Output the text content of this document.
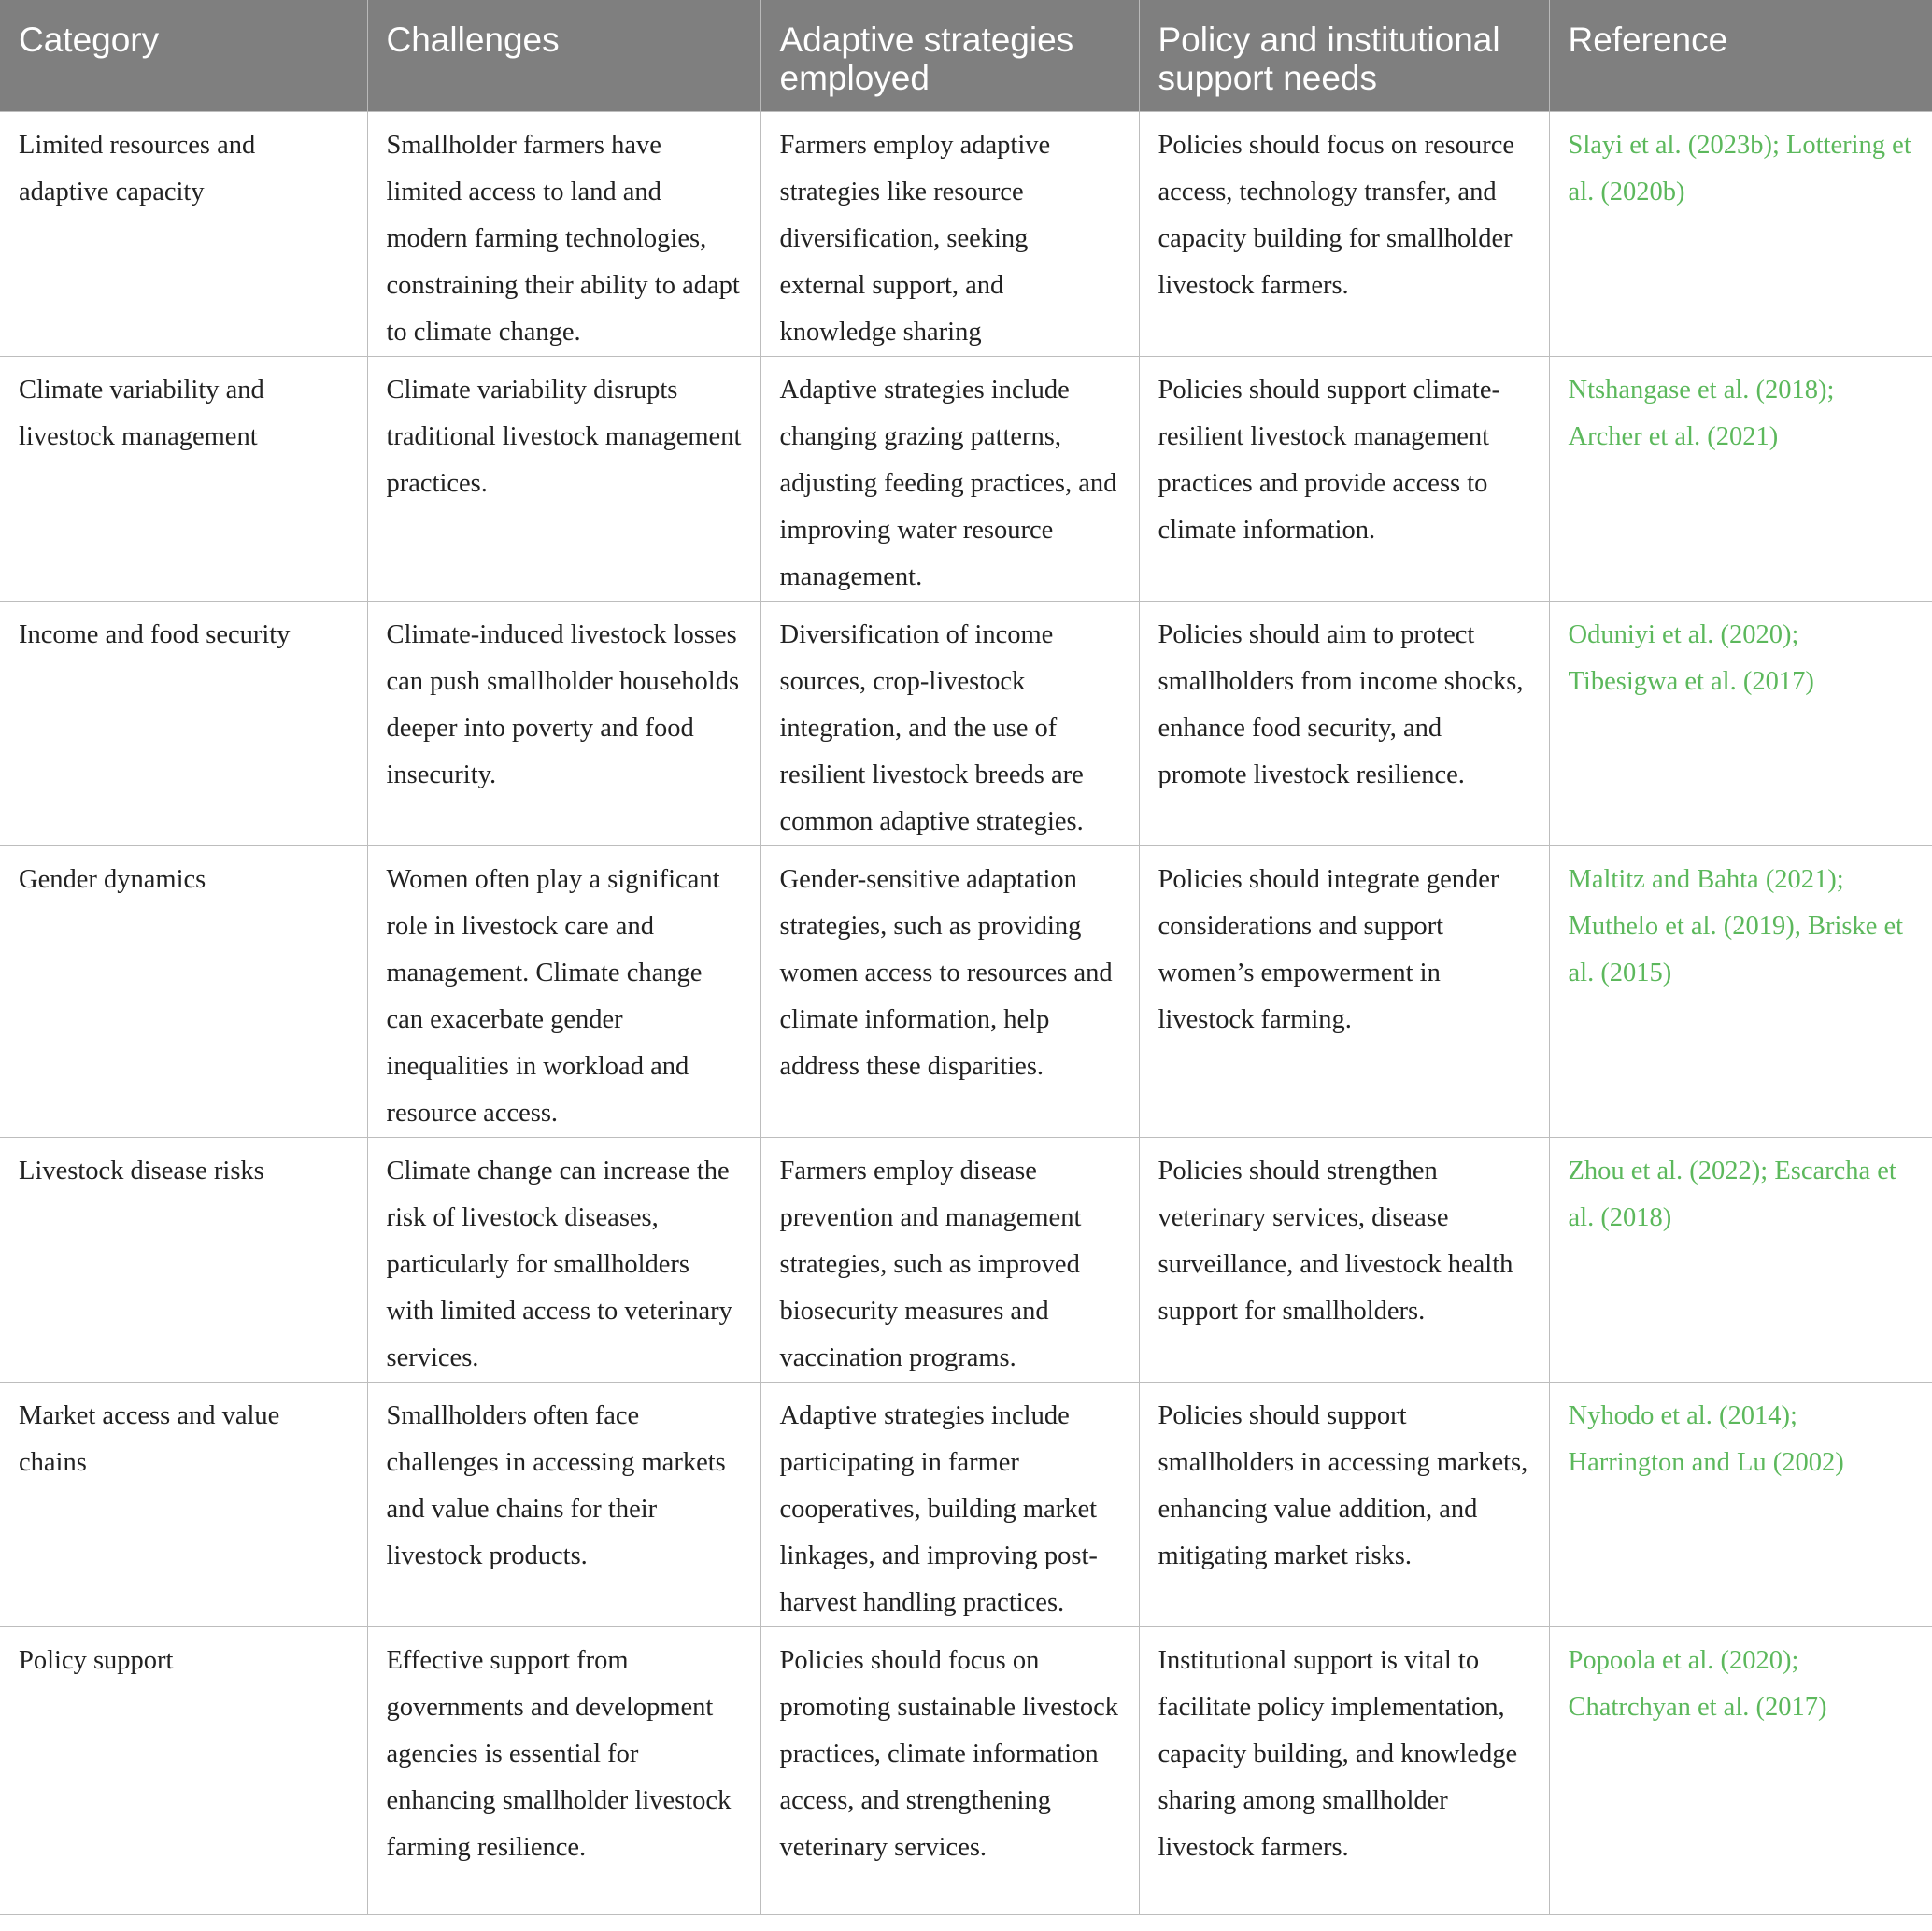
Category	Challenges	Adaptive strategies employed	Policy and institutional support needs	Reference
Limited resources and adaptive capacity	Smallholder farmers have limited access to land and modern farming technologies, constraining their ability to adapt to climate change.	Farmers employ adaptive strategies like resource diversification, seeking external support, and knowledge sharing	Policies should focus on resource access, technology transfer, and capacity building for smallholder livestock farmers.	Slayi et al. (2023b); Lottering et al. (2020b)
Climate variability and livestock management	Climate variability disrupts traditional livestock management practices.	Adaptive strategies include changing grazing patterns, adjusting feeding practices, and improving water resource management.	Policies should support climate-resilient livestock management practices and provide access to climate information.	Ntshangase et al. (2018); Archer et al. (2021)
Income and food security	Climate-induced livestock losses can push smallholder households deeper into poverty and food insecurity.	Diversification of income sources, crop-livestock integration, and the use of resilient livestock breeds are common adaptive strategies.	Policies should aim to protect smallholders from income shocks, enhance food security, and promote livestock resilience.	Oduniyi et al. (2020); Tibesigwa et al. (2017)
Gender dynamics	Women often play a significant role in livestock care and management. Climate change can exacerbate gender inequalities in workload and resource access.	Gender-sensitive adaptation strategies, such as providing women access to resources and climate information, help address these disparities.	Policies should integrate gender considerations and support women’s empowerment in livestock farming.	Maltitz and Bahta (2021); Muthelo et al. (2019), Briske et al. (2015)
Livestock disease risks	Climate change can increase the risk of livestock diseases, particularly for smallholders with limited access to veterinary services.	Farmers employ disease prevention and management strategies, such as improved biosecurity measures and vaccination programs.	Policies should strengthen veterinary services, disease surveillance, and livestock health support for smallholders.	Zhou et al. (2022); Escarcha et al. (2018)
Market access and value chains	Smallholders often face challenges in accessing markets and value chains for their livestock products.	Adaptive strategies include participating in farmer cooperatives, building market linkages, and improving post-harvest handling practices.	Policies should support smallholders in accessing markets, enhancing value addition, and mitigating market risks.	Nyhodo et al. (2014); Harrington and Lu (2002)
Policy support	Effective support from governments and development agencies is essential for enhancing smallholder livestock farming resilience.	Policies should focus on promoting sustainable livestock practices, climate information access, and strengthening veterinary services.	Institutional support is vital to facilitate policy implementation, capacity building, and knowledge sharing among smallholder livestock farmers.	Popoola et al. (2020); Chatrchyan et al. (2017)
